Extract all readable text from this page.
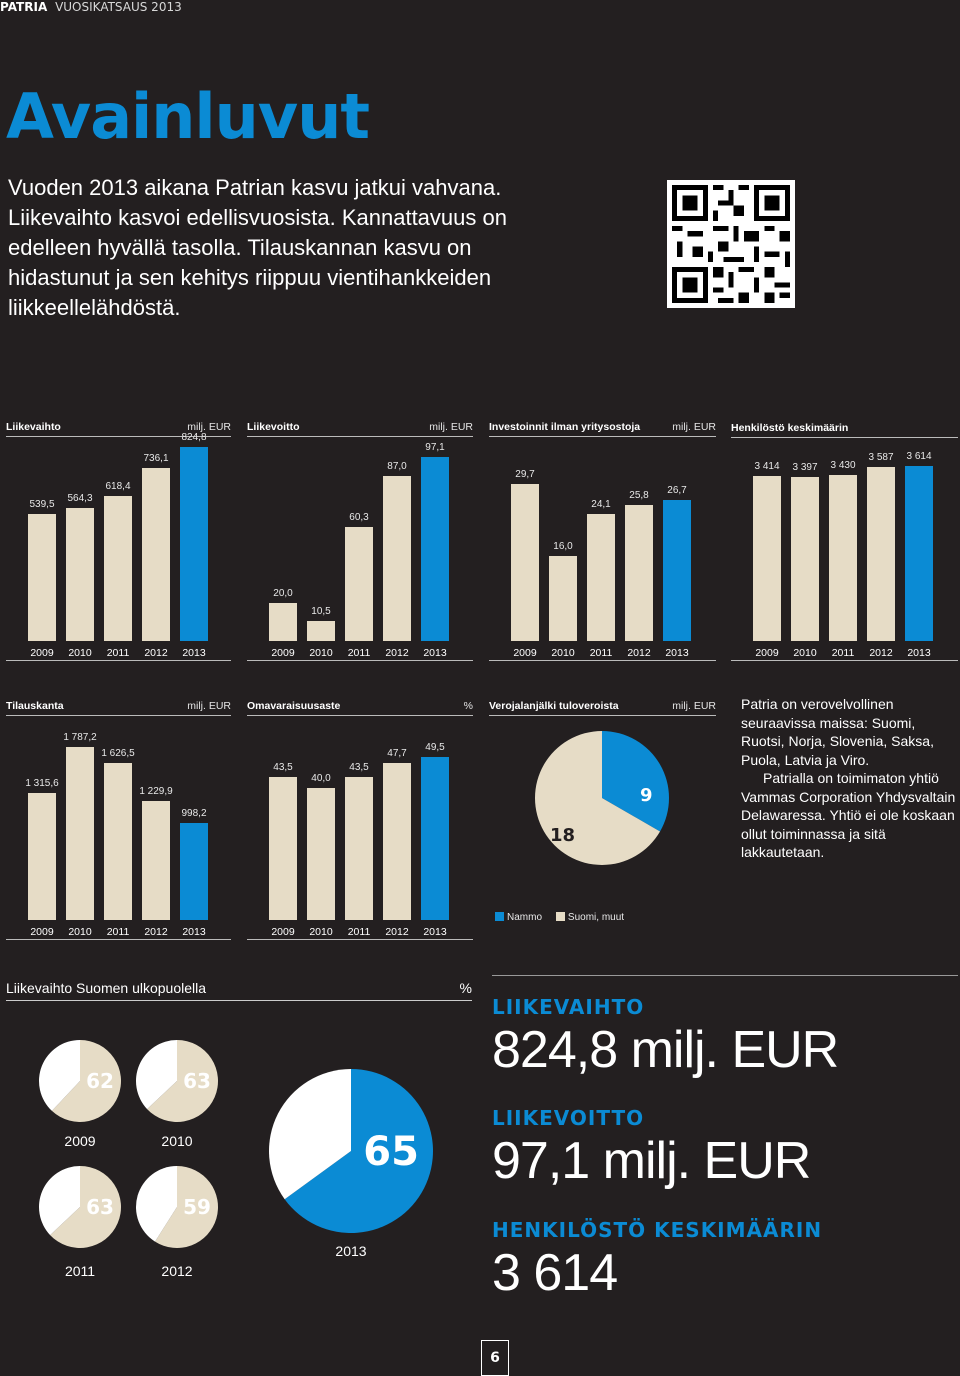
PATRIA VUOSIKATSAUS 2013
Avainluvut
Vuoden 2013 aikana Patrian kasvu jatkui vahvana. Liikevaihto kasvoi edellisvuosista. Kannattavuus on edelleen hyvällä tasolla. Tilauskannan kasvu on hidastunut ja sen kehitys riippuu vientihankkeiden liikkeellelähdöstä.
Liikevaihto	milj. EUR
539,5
2009
564,3
2010
618,4
2011
736,1
2012
824,8
2013
Liikevoitto	milj. EUR
20,0
2009
10,5
2010
60,3
2011
87,0
2012
97,1
2013
Investoinnit ilman yritysostoja	milj. EUR
29,7
2009
16,0
2010
24,1
2011
25,8
2012
26,7
2013
Henkilöstö keskimäärin
3 414
2009
3 397
2010
3 430
2011
3 587
2012
3 614
2013
Tilauskanta	milj. EUR
1 315,6
2009
1 787,2
2010
1 626,5
2011
1 229,9
2012
998,2
2013
Omavaraisuusaste	%
43,5
2009
40,0
2010
43,5
2011
47,7
2012
49,5
2013
Patria on verovelvollinen seuraavissa maissa: Suomi, Ruotsi, Norja, Slovenia, Saksa, Puola, Latvia ja Viro.
Patrialla on toimimaton yhtiö Vammas Corporation Yhdysvaltain Delawaressa. Yhtiö ei ole koskaan ollut toiminnassa ja sitä lakkautetaan.
Verojalanjälki tuloveroista	milj. EUR
9
18
Nammo	Suomi, muut
Liikevaihto Suomen ulkopuolella	%
62
2009
63
2010
63
2011
59
2012
65
2013
LIIKEVAIHTO
824,8 milj. EUR
LIIKEVOITTO
97,1 milj. EUR
HENKILÖSTÖ KESKIMÄÄRIN
3 614
6
